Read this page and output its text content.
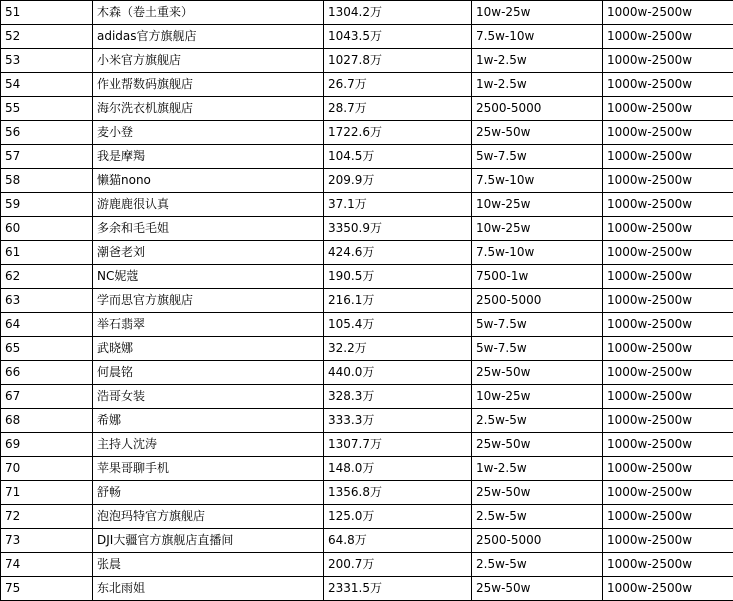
51	木森（卷土重来）	1304.2万	10w-25w	1000w-2500w
52	adidas官方旗舰店	1043.5万	7.5w-10w	1000w-2500w
53	小米官方旗舰店	1027.8万	1w-2.5w	1000w-2500w
54	作业帮数码旗舰店	26.7万	1w-2.5w	1000w-2500w
55	海尔洗衣机旗舰店	28.7万	2500-5000	1000w-2500w
56	麦小登	1722.6万	25w-50w	1000w-2500w
57	我是摩羯	104.5万	5w-7.5w	1000w-2500w
58	懒猫nono	209.9万	7.5w-10w	1000w-2500w
59	游鹿鹿很认真	37.1万	10w-25w	1000w-2500w
60	多余和毛毛姐	3350.9万	10w-25w	1000w-2500w
61	潮爸老刘	424.6万	7.5w-10w	1000w-2500w
62	NC妮蔻	190.5万	7500-1w	1000w-2500w
63	学而思官方旗舰店	216.1万	2500-5000	1000w-2500w
64	举石翡翠	105.4万	5w-7.5w	1000w-2500w
65	武晓娜	32.2万	5w-7.5w	1000w-2500w
66	何晨铭	440.0万	25w-50w	1000w-2500w
67	浩哥女装	328.3万	10w-25w	1000w-2500w
68	希娜	333.3万	2.5w-5w	1000w-2500w
69	主持人沈涛	1307.7万	25w-50w	1000w-2500w
70	苹果哥聊手机	148.0万	1w-2.5w	1000w-2500w
71	舒畅	1356.8万	25w-50w	1000w-2500w
72	泡泡玛特官方旗舰店	125.0万	2.5w-5w	1000w-2500w
73	DJI大疆官方旗舰店直播间	64.8万	2500-5000	1000w-2500w
74	张晨	200.7万	2.5w-5w	1000w-2500w
75	东北雨姐	2331.5万	25w-50w	1000w-2500w
